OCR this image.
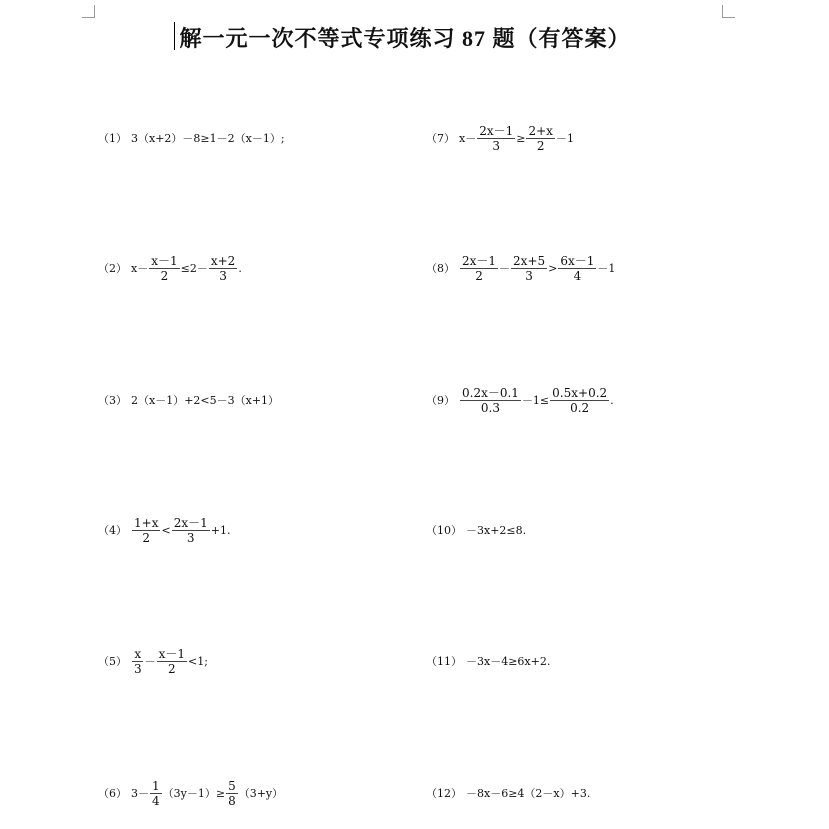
解一元一次不等式专项练习 87 题（有答案）
（1） 3（x+2）－8≥1－2（x－1）;
（2） $x- \frac{x-1}{2} \le 2- \frac{x+2}{3}$ .
（3） 2（x－1）+2<5－3（x+1）
$(4) \frac{1+x}{2} < \frac{2x-1}{3} +1$.
$(5) \frac{x}{3} - \frac{x-1}{2} <1$;
（6） $3- \frac{1}{4} (3y-1)\ge \frac{5}{8} (3+y)$
（7） $x- \frac{2x-1}{3} \ge \frac{2+x}{2} -1$
$(8) \frac{2x-1}{2} - \frac{2x+5}{3} > \frac{6x-1}{4} -1$
$(9) \frac{0.2x-0.1}{0.3} -1\le \frac{0.5x+0.2}{0.2}$ .
（10） －3x+2≤8.
（11） －3x－4≥6x+2.
（12） －8x－6≥4（2－x）+3.
